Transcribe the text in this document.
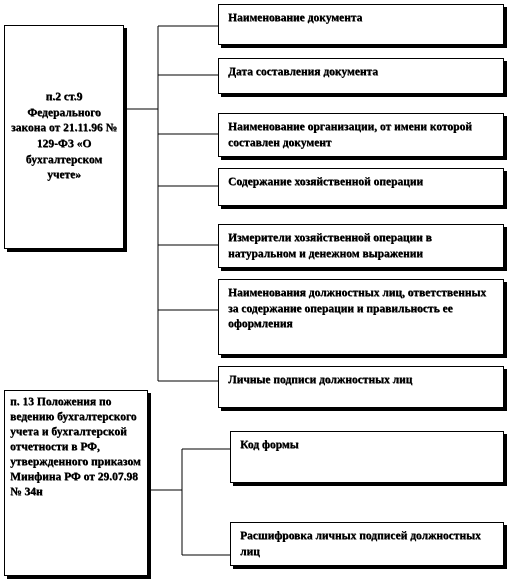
п.2 ст.9 Федерального закона от 21.11.96 № 129-ФЗ «О бухгалтерском учете»
Наименование документа
Дата составления документа
Наименование организации, от имени которой составлен документ
Содержание хозяйственной операции
Измерители хозяйственной операции в натуральном и денежном выражении
Наименования должностных лиц, ответственных за содержание операции и правильность ее оформления
Личные подписи должностных лиц
п. 13 Положения по ведению бухгалтерского учета и бухгалтерской отчетности в РФ, утвержденного приказом Минфина РФ от 29.07.98 № 34н
Код формы
Расшифровка личных подписей должностных лиц
